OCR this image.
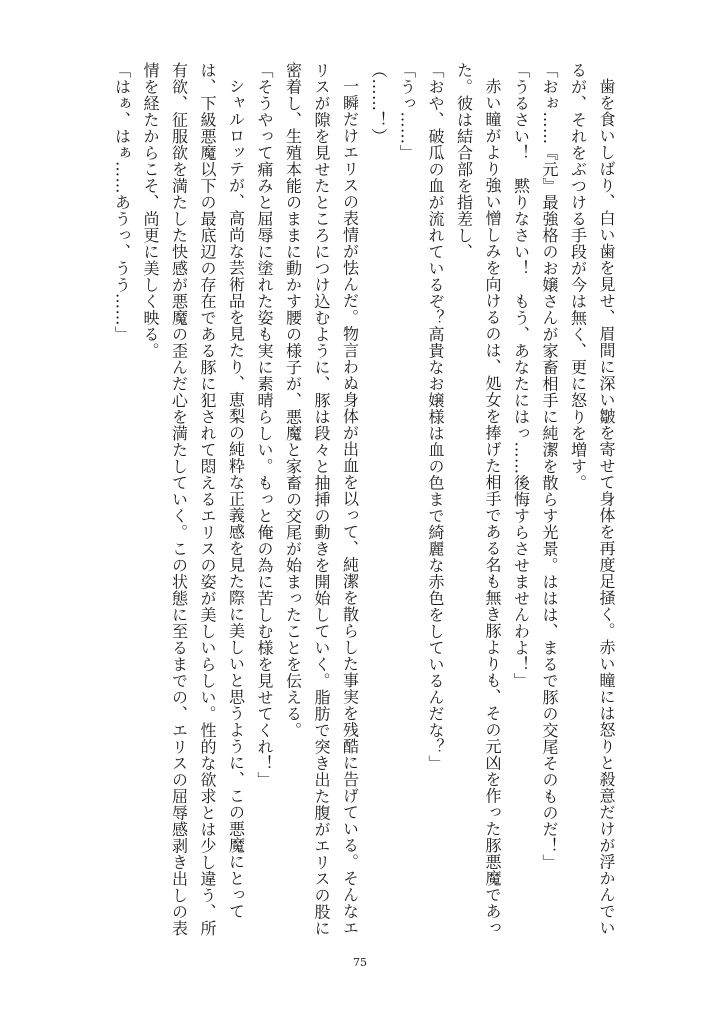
歯を食いしばり、白い歯を見せ、眉間に深い皺を寄せて身体を再度足掻く。赤い瞳には怒りと殺意だけが浮かんでいるが、それをぶつける手段が今は無く、更に怒りを増す。

「おぉ……『元』最強格のお嬢さんが家畜相手に純潔を散らす光景。ははは、まるで豚の交尾そのものだ！」

「うるさい！　黙りなさい！　もう、あなたにはっ……後悔すらさせませんわよ！」

赤い瞳がより強い憎しみを向けるのは、処女を捧げた相手である名も無き豚よりも、その元凶を作った豚悪魔であった。彼は結合部を指差し、

「おや、破瓜の血が流れているぞ？高貴なお嬢様は血の色まで綺麗な赤色をしているんだな？」

「うっ……」

（……！）

一瞬だけエリスの表情が怯んだ。物言わぬ身体が出血を以って、純潔を散らした事実を残酷に告げている。そんなエリスが隙を見せたところにつけ込むように、豚は段々と抽挿の動きを開始していく。脂肪で突き出た腹がエリスの股に密着し、生殖本能のままに動かす腰の様子が、悪魔と家畜の交尾が始まったことを伝える。

「そうやって痛みと屈辱に塗れた姿も実に素晴らしい。もっと俺の為に苦しむ様を見せてくれ！」

シャルロッテが、高尚な芸術品を見たり、恵梨の純粋な正義感を見た際に美しいと思うように、この悪魔にとっては、下級悪魔以下の最底辺の存在である豚に犯されて悶えるエリスの姿が美しいらしい。性的な欲求とは少し違う、所有欲、征服欲を満たした快感が悪魔の歪んだ心を満たしていく。この状態に至るまでの、エリスの屈辱感剥き出しの表情を経たからこそ、尚更に美しく映る。

「はぁ、はぁ……あうっ、うう……」

75
